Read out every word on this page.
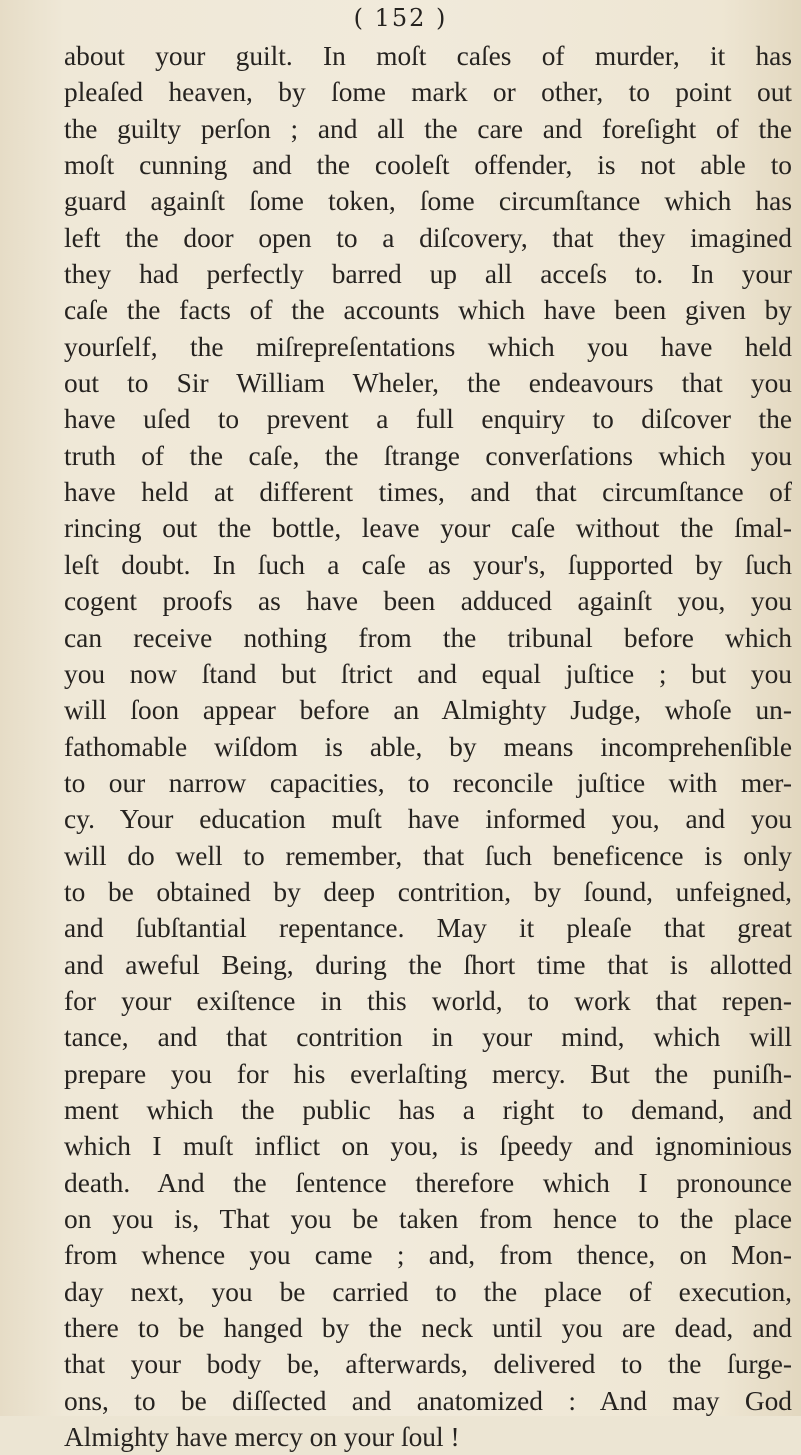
( 152 )
about your guilt. In moſt caſes of murder, it has
pleaſed heaven, by ſome mark or other, to point out
the guilty perſon ; and all the care and foreſight of the
moſt cunning and the cooleſt offender, is not able to
guard againſt ſome token, ſome circumſtance which has
left the door open to a diſcovery, that they imagined
they had perfectly barred up all acceſs to. In your
caſe the facts of the accounts which have been given by
yourſelf, the miſrepreſentations which you have held
out to Sir William Wheler, the endeavours that you
have uſed to prevent a full enquiry to diſcover the
truth of the caſe, the ſtrange converſations which you
have held at different times, and that circumſtance of
rincing out the bottle, leave your caſe without the ſmal-
leſt doubt. In ſuch a caſe as your's, ſupported by ſuch
cogent proofs as have been adduced againſt you, you
can receive nothing from the tribunal before which
you now ſtand but ſtrict and equal juſtice ; but you
will ſoon appear before an Almighty Judge, whoſe un-
fathomable wiſdom is able, by means incomprehenſible
to our narrow capacities, to reconcile juſtice with mer-
cy. Your education muſt have informed you, and you
will do well to remember, that ſuch beneficence is only
to be obtained by deep contrition, by ſound, unfeigned,
and ſubſtantial repentance. May it pleaſe that great
and aweful Being, during the ſhort time that is allotted
for your exiſtence in this world, to work that repen-
tance, and that contrition in your mind, which will
prepare you for his everlaſting mercy. But the puniſh-
ment which the public has a right to demand, and
which I muſt inflict on you, is ſpeedy and ignominious
death. And the ſentence therefore which I pronounce
on you is, That you be taken from hence to the place
from whence you came ; and, from thence, on Mon-
day next, you be carried to the place of execution,
there to be hanged by the neck until you are dead, and
that your body be, afterwards, delivered to the ſurge-
ons, to be diſſected and anatomized : And may God
Almighty have mercy on your ſoul !
